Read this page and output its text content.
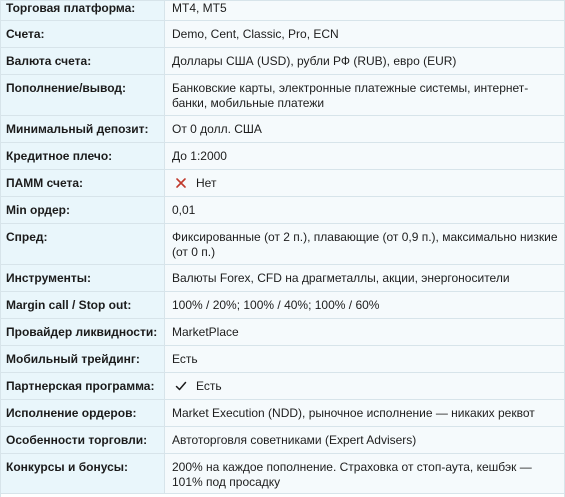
Торговая платформа:	MT4, MT5
Счета:	Demo, Cent, Classic, Pro, ECN
Валюта счета:	Доллары США (USD), рубли РФ (RUB), евро (EUR)
Пополнение/вывод:	Банковские карты, электронные платежные системы, интернет-банки, мобильные платежи
Минимальный депозит:	От 0 долл. США
Кредитное плечо:	До 1:2000
ПАММ счета:	Нет
Min ордер:	0,01
Спред:	Фиксированные (от 2 п.), плавающие (от 0,9 п.), максимально низкие (от 0 п.)
Инструменты:	Валюты Forex, CFD на драгметаллы, акции, энергоносители
Margin call / Stop out:	100% / 20%; 100% / 40%; 100% / 60%
Провайдер ликвидности:	MarketPlace
Мобильный трейдинг:	Есть
Партнерская программа:	Есть
Исполнение ордеров:	Market Execution (NDD), рыночное исполнение — никаких реквот
Особенности торговли:	Автоторговля советниками (Expert Advisers)
Конкурсы и бонусы:	200% на каждое пополнение. Страховка от стоп-аута, кешбэк — 101% под просадку
